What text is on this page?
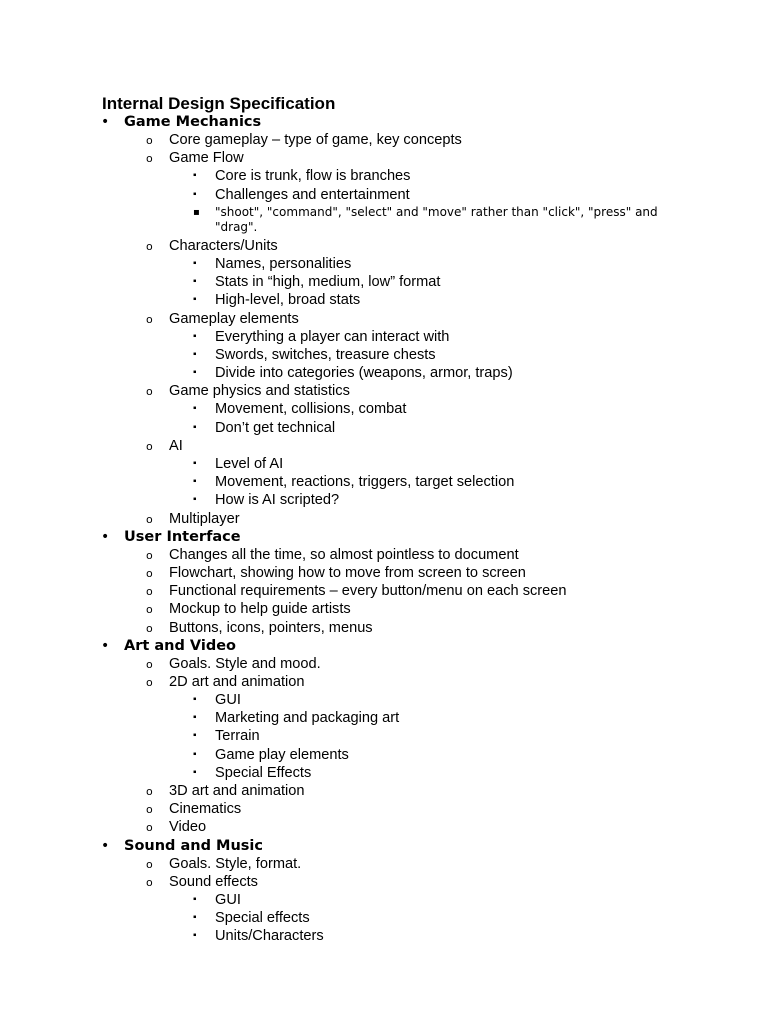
Internal Design Specification
• Game Mechanics
o Core gameplay – type of game, key concepts
o Game Flow
▪ Core is trunk, flow is branches
▪ Challenges and entertainment
▪ "shoot", "command", "select" and "move" rather than "click", "press" and "drag".
o Characters/Units
▪ Names, personalities
▪ Stats in “high, medium, low” format
▪ High-level, broad stats
o Gameplay elements
▪ Everything a player can interact with
▪ Swords, switches, treasure chests
▪ Divide into categories (weapons, armor, traps)
o Game physics and statistics
▪ Movement, collisions, combat
▪ Don’t get technical
o AI
▪ Level of AI
▪ Movement, reactions, triggers, target selection
▪ How is AI scripted?
o Multiplayer
• User Interface
o Changes all the time, so almost pointless to document
o Flowchart, showing how to move from screen to screen
o Functional requirements – every button/menu on each screen
o Mockup to help guide artists
o Buttons, icons, pointers, menus
• Art and Video
o Goals. Style and mood.
o 2D art and animation
▪ GUI
▪ Marketing and packaging art
▪ Terrain
▪ Game play elements
▪ Special Effects
o 3D art and animation
o Cinematics
o Video
• Sound and Music
o Goals. Style, format.
o Sound effects
▪ GUI
▪ Special effects
▪ Units/Characters
